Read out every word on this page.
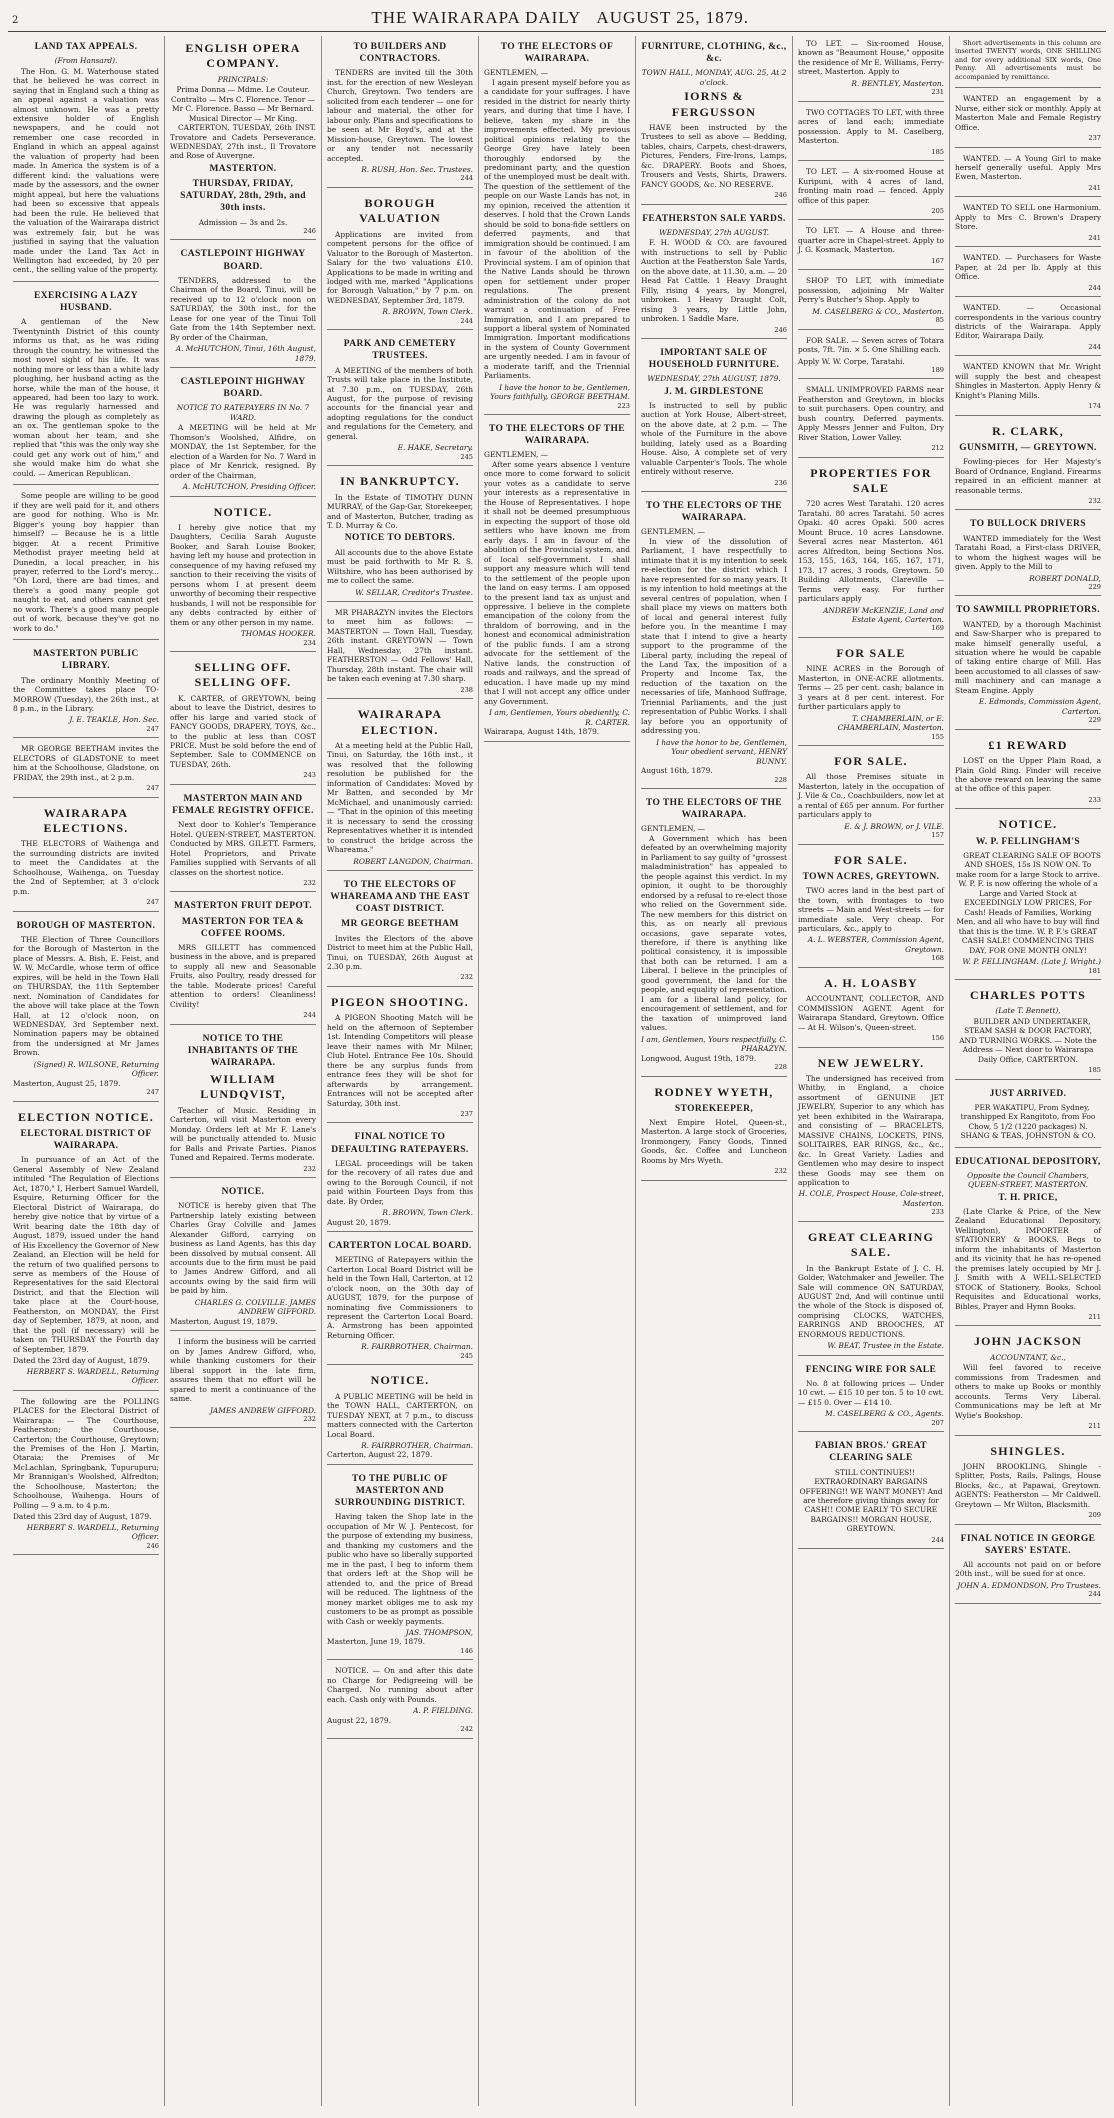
2	THE WAIRARAPA DAILY AUGUST 25, 1879.
LAND TAX APPEALS.
(From Hansard).

The Hon. G. M. Waterhouse stated that he believed he was correct in saying that in England such a thing as an appeal against a valuation was almost unknown. He was a pretty extensive holder of English newspapers, and he could not remember one case recorded in England in which an appeal against the valuation of property had been made. In America the system is of a different kind: the valuations were made by the assessors, and the owner might appeal, but here the valuations had been so excessive that appeals had been the rule. He believed that the valuation of the Wairarapa district was extremely fair, but he was justified in saying that the valuation made under the Land Tax Act in Wellington had exceeded, by 20 per cent., the selling value of the property.

EXERCISING A LAZY HUSBAND.

A gentleman of the New Twentyninth District of this county informs us that, as he was riding through the country, he witnessed the most novel sight of his life. It was nothing more or less than a white lady ploughing, her husband acting as the horse, while the man of the house, it appeared, had been too lazy to work. He was regularly harnessed and drawing the plough as completely as an ox. The gentleman spoke to the woman about her team, and she replied that "this was the only way she could get any work out of him," and she would make him do what she could. — American Republican.

Some people are willing to be good if they are well paid for it, and others are good for nothing. Who is Mr. Bigger's young boy happier than himself? — Because he is a little bigger. At a recent Primitive Methodist prayer meeting held at Dunedin, a local preacher, in his prayer, referred to the Lord's mercy... "Oh Lord, there are bad times, and there's a good many people got naught to eat, and others cannot get no work. There's a good many people out of work, because they've got no work to do."

MASTERTON PUBLIC LIBRARY.

The ordinary Monthly Meeting of the Committee takes place TO-MORROW (Tuesday), the 26th inst., at 8 p.m., in the Library.

J. E. TEAKLE, Hon. Sec.
247

MR GEORGE BEETHAM invites the ELECTORS of GLADSTONE to meet him at the Schoolhouse, Gladstone, on FRIDAY, the 29th inst., at 2 p.m.

247
WAIRARAPA ELECTIONS.

THE ELECTORS of Waihenga and the surrounding districts are invited to meet the Candidates at the Schoolhouse, Waihenga, on Tuesday the 2nd of September, at 3 o'clock p.m.

247
BOROUGH OF MASTERTON.

THE Election of Three Councillors for the Borough of Masterton in the place of Messrs. A. Bish, E. Feist, and W. W. McCardle, whose term of office expires, will be held in the Town Hall on THURSDAY, the 11th September next. Nomination of Candidates for the above will take place at the Town Hall, at 12 o'clock noon, on WEDNESDAY, 3rd September next. Nomination papers may be obtained from the undersigned at Mr James Brown.

(Signed) R. WILSONE, Returning Officer.
Masterton, August 25, 1879.
247
ELECTION NOTICE.
ELECTORAL DISTRICT OF WAIRARAPA.

In pursuance of an Act of the General Assembly of New Zealand intituled "The Regulation of Elections Act, 1870," I, Herbert Samuel Wardell, Esquire, Returning Officer for the Electoral District of Wairarapa, do hereby give notice that by virtue of a Writ bearing date the 18th day of August, 1879, issued under the hand of His Excellency the Governor of New Zealand, an Election will be held for the return of two qualified persons to serve as members of the House of Representatives for the said Electoral District, and that the Election will take place at the Court-house, Featherston, on MONDAY, the First day of September, 1879, at noon, and that the poll (if necessary) will be taken on THURSDAY the Fourth day of September, 1879.

Dated the 23rd day of August, 1879.
HERBERT S. WARDELL, Returning Officer.

The following are the POLLING PLACES for the Electoral District of Wairarapa: — The Courthouse, Featherston; the Courthouse, Carterton; the Courthouse, Greytown; the Premises of the Hon J. Martin, Otaraia; the Premises of Mr McLachlan, Springbank, Tupurupuru; Mr Brannigan's Woolshed, Alfredton; the Schoolhouse, Masterton; the Schoolhouse, Waihenga. Hours of Polling — 9 a.m. to 4 p.m.

Dated this 23rd day of August, 1879.
HERBERT S. WARDELL, Returning Officer.
246
ENGLISH OPERA COMPANY.
PRINCIPALS:
Prima Donna — Mdme. Le Couteur. Contralto — Mrs C. Florence. Tenor — Mr C. Florence. Basso — Mr Bernard. Musical Director — Mr King.

CARTERTON, TUESDAY, 26th INST. Trovatore and Cadets Perseverance. WEDNESDAY, 27th inst., Il Trovatore and Rose of Auvergne.

MASTERTON.
THURSDAY, FRIDAY, SATURDAY, 28th, 29th, and 30th insts.
Admission — 3s and 2s.
246
CASTLEPOINT HIGHWAY BOARD.

TENDERS, addressed to the Chairman of the Board, Tinui, will be received up to 12 o'clock noon on SATURDAY, the 30th inst., for the Lease for one year of the Tinui Toll Gate from the 14th September next. By order of the Chairman,

A. McHUTCHON, Tinui, 16th August, 1879.
CASTLEPOINT HIGHWAY BOARD.
NOTICE TO RATEPAYERS IN No. 7 WARD.

A MEETING will be held at Mr Thomson's Woolshed, Alfidre, on MONDAY, the 1st September, for the election of a Warden for No. 7 Ward in place of Mr Kenrick, resigned. By order of the Chairman,

A. McHUTCHON, Presiding Officer.
NOTICE.

I hereby give notice that my Daughters, Cecilia Sarah Auguste Booker, and Sarah Louise Booker, having left my house and protection in consequence of my having refused my sanction to their receiving the visits of persons whom I at present deem unworthy of becoming their respective husbands, I will not be responsible for any debts contracted by either of them or any other person in my name.

THOMAS HOOKER.
234
SELLING OFF. SELLING OFF.

K. CARTER, of GREYTOWN, being about to leave the District, desires to offer his large and varied stock of FANCY GOODS, DRAPERY, TOYS, &c., to the public at less than COST PRICE. Must be sold before the end of September. Sale to COMMENCE on TUESDAY, 26th.

243
MASTERTON MAIN AND FEMALE REGISTRY OFFICE.

Next door to Kohler's Temperance Hotel. QUEEN-STREET, MASTERTON. Conducted by MRS. GILETT. Farmers, Hotel Proprietors, and Private Families supplied with Servants of all classes on the shortest notice.

232
MASTERTON FRUIT DEPOT.
MASTERTON FOR TEA & COFFEE ROOMS.

MRS GILLETT has commenced business in the above, and is prepared to supply all new and Seasonable Fruits, also Poultry, ready dressed for the table. Moderate prices! Careful attention to orders! Cleanliness! Civility!

244
NOTICE TO THE INHABITANTS OF THE WAIRARAPA.
WILLIAM LUNDQVIST,

Teacher of Music. Residing in Carterton, will visit Masterton every Monday. Orders left at Mr F. Lane's will be punctually attended to. Music for Balls and Private Parties. Pianos Tuned and Repaired. Terms moderate.

232
NOTICE.

NOTICE is hereby given that The Partnership lately existing between Charles Gray Colville and James Alexander Gifford, carrying on business as Land Agents, has this day been dissolved by mutual consent. All accounts due to the firm must be paid to James Andrew Gifford, and all accounts owing by the said firm will be paid by him.

CHARLES G. COLVILLE. JAMES ANDREW GIFFORD.
Masterton, August 19, 1879.

I inform the business will be carried on by James Andrew Gifford, who, while thanking customers for their liberal support in the late firm, assures them that no effort will be spared to merit a continuance of the same.

JAMES ANDREW GIFFORD.
232
TO BUILDERS AND CONTRACTORS.

TENDERS are invited till the 30th inst. for the erection of new Wesleyan Church, Greytown. Two tenders are solicited from each tenderer — one for labour and material, the other for labour only. Plans and specifications to be seen at Mr Boyd's, and at the Mission-house, Greytown. The lowest or any tender not necessarily accepted.

R. RUSH, Hon. Sec. Trustees.
244
BOROUGH VALUATION

Applications are invited from competent persons for the office of Valuator to the Borough of Masterton. Salary for the two valuations £10. Applications to be made in writing and lodged with me, marked "Applications for Borough Valuation," by 7 p.m. on WEDNESDAY, September 3rd, 1879.

R. BROWN, Town Clerk.
244
PARK AND CEMETERY TRUSTEES.

A MEETING of the members of both Trusts will take place in the Institute, at 7.30 p.m., on TUESDAY, 26th August, for the purpose of revising accounts for the financial year and adopting regulations for the conduct and regulations for the Cemetery, and general.

E. HAKE, Secretary.
245
IN BANKRUPTCY.

In the Estate of TIMOTHY DUNN MURRAY, of the Gap-Gar, Storekeeper, and of Masterton, Butcher, trading as T. D. Murray & Co.

NOTICE TO DEBTORS.

All accounts due to the above Estate must be paid forthwith to Mr R. S. Wiltshire, who has been authorised by me to collect the same.

W. SELLAR, Creditor's Trustee.

MR PHARAZYN invites the Electors to meet him as follows: — MASTERTON — Town Hall, Tuesday, 26th instant. GREYTOWN — Town Hall, Wednesday, 27th instant. FEATHERSTON — Odd Fellows' Hall, Thursday, 28th instant. The chair will be taken each evening at 7.30 sharp.

238
WAIRARAPA ELECTION.

At a meeting held at the Public Hall, Tinui, on Saturday, the 16th inst., it was resolved that the following resolution be published for the information of Candidates: Moved by Mr Batten, and seconded by Mr McMichael, and unanimously carried: — "That in the opinion of this meeting it is necessary to send the crossing Representatives whether it is intended to construct the bridge across the Whareama."

ROBERT LANGDON, Chairman.
TO THE ELECTORS OF WHAREAMA AND THE EAST COAST DISTRICT.
MR GEORGE BEETHAM

Invites the Electors of the above District to meet him at the Public Hall, Tinui, on TUESDAY, 26th August at 2.30 p.m.

232
PIGEON SHOOTING.

A PIGEON Shooting Match will be held on the afternoon of September 1st. Intending Competitors will please leave their names with Mr Milner, Club Hotel. Entrance Fee 10s. Should there be any surplus funds from entrance fees they will be shot for afterwards by arrangement. Entrances will not be accepted after Saturday, 30th inst.

237
FINAL NOTICE TO DEFAULTING RATEPAYERS.

LEGAL proceedings will be taken for the recovery of all rates due and owing to the Borough Council, if not paid within Fourteen Days from this date. By Order,

R. BROWN, Town Clerk.
August 20, 1879.
CARTERTON LOCAL BOARD.

MEETING of Ratepayers within the Carterton Local Board District will be held in the Town Hall, Carterton, at 12 o'clock noon, on the 30th day of AUGUST, 1879, for the purpose of nominating five Commissioners to represent the Carterton Local Board. A. Armstrong has been appointed Returning Officer.

R. FAIRBROTHER, Chairman.
245
NOTICE.

A PUBLIC MEETING will be held in the TOWN HALL, CARTERTON, on TUESDAY NEXT, at 7 p.m., to discuss matters connected with the Carterton Local Board.

R. FAIRBROTHER, Chairman.
Carterton, August 22, 1879.
TO THE PUBLIC OF MASTERTON AND SURROUNDING DISTRICT.

Having taken the Shop late in the occupation of Mr W. J. Pentecost, for the purpose of extending my business, and thanking my customers and the public who have so liberally supported me in the past, I beg to inform them that orders left at the Shop will be attended to, and the price of Bread will be reduced. The lightness of the money market obliges me to ask my customers to be as prompt as possible with Cash or weekly payments.

JAS. THOMPSON,
Masterton, June 19, 1879.
146

NOTICE. — On and after this date no Charge for Pedigreeing will be Charged. No running about after each. Cash only with Pounds.

A. P. FIELDING.
August 22, 1879.
242
TO THE ELECTORS OF WAIRARAPA.
GENTLEMEN, —

I again present myself before you as a candidate for your suffrages. I have resided in the district for nearly thirty years, and during that time I have, I believe, taken my share in the improvements effected. My previous political opinions relating to the George Grey have lately been thoroughly endorsed by the predominant party, and the question of the unemployed must be dealt with. The question of the settlement of the people on our Waste Lands has not, in my opinion, received the attention it deserves. I hold that the Crown Lands should be sold to bona-fide settlers on deferred payments, and that immigration should be continued. I am in favour of the abolition of the Provincial system. I am of opinion that the Native Lands should be thrown open for settlement under proper regulations. The present administration of the colony do not warrant a continuation of Free Immigration, and I am prepared to support a liberal system of Nominated Immigration. Important modifications in the system of County Government are urgently needed. I am in favour of a moderate tariff, and the Triennial Parliaments.

I have the honor to be, Gentlemen, Yours faithfully, GEORGE BEETHAM.
223
TO THE ELECTORS OF THE WAIRARAPA.
GENTLEMEN, —

After some years absence I venture once more to come forward to solicit your votes as a candidate to serve your interests as a representative in the House of Representatives. I hope it shall not be deemed presumptuous in expecting the support of those old settlers who have known me from early days. I am in favour of the abolition of the Provincial system, and of local self-government. I shall support any measure which will tend to the settlement of the people upon the land on easy terms. I am opposed to the present land tax as unjust and oppressive. I believe in the complete emancipation of the colony from the thraldom of borrowing, and in the honest and economical administration of the public funds. I am a strong advocate for the settlement of the Native lands, the construction of roads and railways, and the spread of education. I have made up my mind that I will not accept any office under any Government.

I am, Gentlemen, Yours obediently, C. R. CARTER.
Wairarapa, August 14th, 1879.
FURNITURE, CLOTHING, &c., &c.
TOWN HALL, MONDAY, AUG. 25, At 2 o'clock.
IORNS & FERGUSSON

HAVE been instructed by the Trustees to sell as above — Bedding, tables, chairs, Carpets, chest-drawers, Pictures, Fenders, Fire-Irons, Lamps, &c. DRAPERY. Boots and Shoes, Trousers and Vests, Shirts, Drawers. FANCY GOODS, &c. NO RESERVE.

246
FEATHERSTON SALE YARDS.
WEDNESDAY, 27th AUGUST.

F. H. WOOD & CO. are favoured with instructions to sell by Public Auction at the Featherston Sale Yards, on the above date, at 11.30, a.m. — 20 Head Fat Cattle. 1 Heavy Draught Filly, rising 4 years, by Mongrel, unbroken. 1 Heavy Draught Colt, rising 3 years, by Little John, unbroken. 1 Saddle Mare.

246
IMPORTANT SALE OF HOUSEHOLD FURNITURE.
WEDNESDAY, 27th AUGUST, 1879.
J. M. GIRDLESTONE

Is instructed to sell by public auction at York House, Albert-street, on the above date, at 2 p.m. — The whole of the Furniture in the above building, lately used as a Boarding House. Also, A complete set of very valuable Carpenter's Tools. The whole entirely without reserve.

236
TO THE ELECTORS OF THE WAIRARAPA.
GENTLEMEN, —

In view of the dissolution of Parliament, I have respectfully to intimate that it is my intention to seek re-election for the district which I have represented for so many years. It is my intention to hold meetings at the several centres of population, when I shall place my views on matters both of local and general interest fully before you. In the meantime I may state that I intend to give a hearty support to the programme of the Liberal party, including the repeal of the Land Tax, the imposition of a Property and Income Tax, the reduction of the taxation on the necessaries of life, Manhood Suffrage, Triennial Parliaments, and the just representation of Public Works. I shall lay before you an opportunity of addressing you.

I have the honor to be, Gentlemen, Your obedient servant, HENRY BUNNY.
August 16th, 1879.
228
TO THE ELECTORS OF THE WAIRARAPA.
GENTLEMEN, —

A Government which has been defeated by an overwhelming majority in Parliament to say guilty of "grossest maladministration" has appealed to the people against this verdict. In my opinion, it ought to be thoroughly endorsed by a refusal to re-elect those who relied on the Government side. The new members for this district on this, as on nearly all previous occasions, gave separate votes, therefore, if there is anything like political consistency, it is impossible that both can be returned. I am a Liberal. I believe in the principles of good government, the land for the people, and equality of representation. I am for a liberal land policy, for encouragement of settlement, and for the taxation of unimproved land values.

I am, Gentlemen, Yours respectfully, C. PHARAZYN.
Longwood, August 19th, 1879.
228
RODNEY WYETH,
STOREKEEPER,

Next Empire Hotel, Queen-st., Masterton. A large stock of Groceries, Ironmongery, Fancy Goods, Tinned Goods, &c. Coffee and Luncheon Rooms by Mrs Wyeth.

232

TO LET. — Six-roomed House, known as "Beaumont House," opposite the residence of Mr E. Williams, Ferry-street, Masterton. Apply to

R. BENTLEY, Masterton.
231

TWO COTTAGES TO LET, with three acres of land each; immediate possession. Apply to M. Caselberg, Masterton.

185

TO LET. — A six-roomed House at Kuripuni, with 4 acres of land, fronting main road — fenced. Apply office of this paper.

205

TO LET. — A House and three-quarter acre in Chapel-street. Apply to J. G. Kosmack, Masterton.

167

SHOP TO LET, with immediate possession, adjoining Mr Walter Perry's Butcher's Shop. Apply to

M. CASELBERG & CO., Masterton.
85

FOR SALE. — Seven acres of Totara posts, 7ft. 7in. × 5. One Shilling each.

Apply W. W. Corpe, Taratahi.
189

SMALL UNIMPROVED FARMS near Featherston and Greytown, in blocks to suit purchasers. Open country, and bush country. Deferred payments. Apply Messrs Jenner and Fulton, Dry River Station, Lower Valley.

212
PROPERTIES FOR SALE

720 acres West Taratahi. 120 acres Taratahi. 80 acres Taratahi. 50 acres Opaki. 40 acres Opaki. 500 acres Mount Bruce. 10 acres Lansdowne. Several acres near Masterton. 461 acres Alfredton, being Sections Nos. 153, 155, 163, 164, 165, 167, 171, 173. 17 acres, 3 roods, Greytown. 50 Building Allotments, Clareville — Terms very easy. For further particulars apply

ANDREW McKENZIE, Land and Estate Agent, Carterton.
169
FOR SALE

NINE ACRES in the Borough of Masterton, in ONE-ACRE allotments. Terms — 25 per cent. cash; balance in 3 years at 8 per cent. interest. For further particulars apply to

T. CHAMBERLAIN, or E. CHAMBERLAIN, Masterton.
155
FOR SALE.

All those Premises situate in Masterton, lately in the occupation of J. Vile & Co., Coachbuilders, now let at a rental of £65 per annum. For further particulars apply to

E. & J. BROWN, or J. VILE.
157
FOR SALE.
TOWN ACRES, GREYTOWN.

TWO acres land in the best part of the town, with frontages to two streets — Main and West-streets — for immediate sale. Very cheap. For particulars, &c., apply to

A. L. WEBSTER, Commission Agent, Greytown.
168
A. H. LOASBY

ACCOUNTANT, COLLECTOR, AND COMMISSION AGENT. Agent for Wairarapa Standard, Greytown. Office — At H. Wilson's, Queen-street.

156
NEW JEWELRY.

The undersigned has received from Whitby, in England, a choice assortment of GENUINE JET JEWELRY, Superior to any which has yet been exhibited in the Wairarapa, and consisting of — BRACELETS, MASSIVE CHAINS, LOCKETS, PINS, SOLITAIRES, EAR RINGS, &c., &c., &c. In Great Variety. Ladies and Gentlemen who may desire to inspect these Goods may see them on application to

H. COLE, Prospect House, Cole-street, Masterton.
233
GREAT CLEARING SALE.

In the Bankrupt Estate of J. C. H. Golder, Watchmaker and Jeweller. The Sale will commence ON SATURDAY, AUGUST 2nd, And will continue until the whole of the Stock is disposed of, comprising CLOCKS, WATCHES, EARRINGS AND BROOCHES, AT ENORMOUS REDUCTIONS.

W. BEAT, Trustee in the Estate.
FENCING WIRE FOR SALE

No. 8 at following prices — Under 10 cwt. — £15 10 per ton. 5 to 10 cwt. — £15 0. Over — £14 10.

M. CASELBERG & CO., Agents.
207
FABIAN BROS.' GREAT CLEARING SALE

STILL CONTINUES!! EXTRAORDINARY BARGAINS OFFERING!! WE WANT MONEY! And are therefore giving things away for CASH!! COME EARLY TO SECURE BARGAINS!! MORGAN HOUSE, GREYTOWN.

244

Short advertisements in this column are inserted TWENTY words, ONE SHILLING and for every additional SIX words, One Penny. All advertisements must be accompanied by remittance.

WANTED an engagement by a Nurse, either sick or monthly. Apply at Masterton Male and Female Registry Office.

237

WANTED. — A Young Girl to make herself generally useful. Apply Mrs Ewen, Masterton.

241

WANTED TO SELL one Harmonium. Apply to Mrs C. Brown's Drapery Store.

241

WANTED. — Purchasers for Waste Paper, at 2d per lb. Apply at this Office.

244

WANTED. — Occasional correspondents in the various country districts of the Wairarapa. Apply Editor, Wairarapa Daily.

244

WANTED KNOWN that Mr. Wright will supply the best and cheapest Shingles in Masterton. Apply Henry & Knight's Planing Mills.

174
R. CLARK,
GUNSMITH, — GREYTOWN.

Fowling-pieces for Her Majesty's Board of Ordnance, England. Firearms repaired in an efficient manner at reasonable terms.

232
TO BULLOCK DRIVERS

WANTED immediately for the West Taratahi Road, a First-class DRIVER, to whom the highest wages will be given. Apply to the Mill to

ROBERT DONALD,
229
TO SAWMILL PROPRIETORS.

WANTED, by a thorough Machinist and Saw-Sharper who is prepared to make himself generally useful, a situation where he would be capable of taking entire charge of Mill. Has been accustomed to all classes of saw-mill machinery and can manage a Steam Engine. Apply

E. Edmonds, Commission Agent, Carterton.
229
£1 REWARD

LOST on the Upper Plain Road, a Plain Gold Ring. Finder will receive the above reward on leaving the same at the office of this paper.

233
NOTICE.
W. P. FELLINGHAM'S

GREAT CLEARING SALE OF BOOTS AND SHOES, 15s IS NOW ON. To make room for a large Stock to arrive. W. P. F. is now offering the whole of a Large and Varied Stock at EXCEEDINGLY LOW PRICES, For Cash! Heads of Families, Working Men, and all who have to buy will find that this is the time. W. P. F.'s GREAT CASH SALE! COMMENCING THIS DAY, FOR ONE MONTH ONLY!

W. P. FELLINGHAM. (Late J. Wright.)
181
CHARLES POTTS
(Late T. Bennett),

BUILDER AND UNDERTAKER, STEAM SASH & DOOR FACTORY, AND TURNING WORKS. — Note the Address — Next door to Wairarapa Daily Office, CARTERTON.

185
JUST ARRIVED.

PER WAKATIPU, From Sydney, transhipped Ex Rangitoto, from Foo Chow, 5 1/2 (1220 packages) N. SHANG & TEAS, JOHNSTON & CO.

EDUCATIONAL DEPOSITORY,
Opposite the Council Chambers, QUEEN-STREET, MASTERTON.
T. H. PRICE,

(Late Clarke & Price, of the New Zealand Educational Depository, Wellington), IMPORTER of STATIONERY & BOOKS. Begs to inform the inhabitants of Masterton and its vicinity that he has re-opened the premises lately occupied by Mr J. J. Smith with A WELL-SELECTED STOCK of Stationery, Books, School Requisites and Educational works, Bibles, Prayer and Hymn Books.

211
JOHN JACKSON
ACCOUNTANT, &c.,

Will feel favored to receive commissions from Tradesmen and others to make up Books or monthly accounts. Terms Very Liberal. Communications may be left at Mr Wylie's Bookshop.

211
SHINGLES.

JOHN BROOKLING, Shingle - Splitter, Posts, Rails, Palings, House Blocks, &c., at Papawai, Greytown. AGENTS: Featherston — Mr Caldwell. Greytown — Mr Wilton, Blacksmith.

209
FINAL NOTICE IN GEORGE SAYERS' ESTATE.

All accounts not paid on or before 20th inst., will be sued for at once.

JOHN A. EDMONDSON, Pro Trustees.
244
